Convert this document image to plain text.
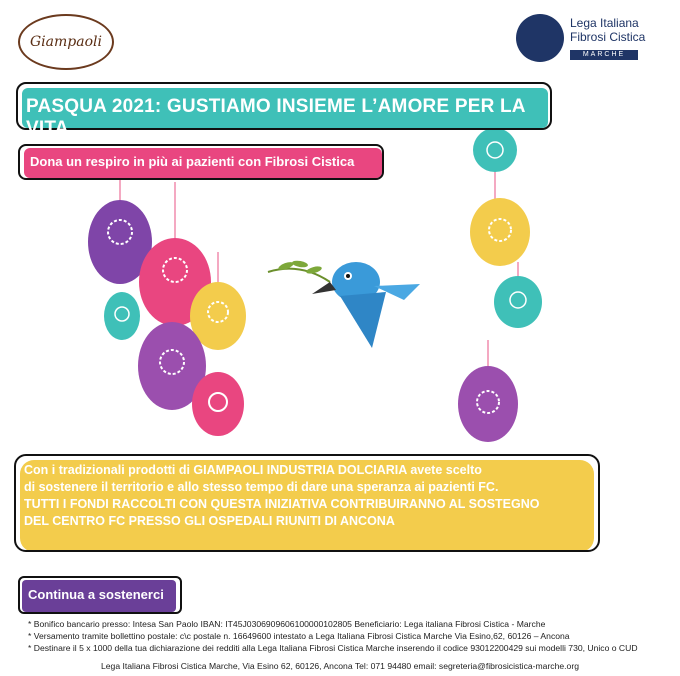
Giampaoli
Lega Italiana
Fibrosi Cistica
MARCHE
PASQUA 2021: GUSTIAMO INSIEME L’AMORE PER LA VITA
Dona un respiro in più ai pazienti con Fibrosi Cistica
Con i tradizionali prodotti di GIAMPAOLI INDUSTRIA DOLCIARIA avete scelto
di sostenere il territorio e allo stesso tempo di dare una speranza ai pazienti FC.
TUTTI I FONDI RACCOLTI CON QUESTA INIZIATIVA CONTRIBUIRANNO AL SOSTEGNO
DEL CENTRO FC PRESSO GLI OSPEDALI RIUNITI DI ANCONA
Continua a sostenerci
* Bonifico bancario presso: Intesa San Paolo IBAN: IT45J0306909606100000102805 Beneficiario: Lega italiana Fibrosi Cistica - Marche
* Versamento tramite bollettino postale: c\c postale n. 16649600 intestato a Lega Italiana Fibrosi Cistica Marche Via Esino,62, 60126 – Ancona
* Destinare il 5 x 1000 della tua dichiarazione dei redditi alla Lega Italiana Fibrosi Cistica Marche inserendo il codice 93012200429 sui modelli 730, Unico o CUD
Lega Italiana Fibrosi Cistica Marche, Via Esino 62, 60126, Ancona Tel: 071 94480 email: segreteria@fibrosicistica-marche.org
